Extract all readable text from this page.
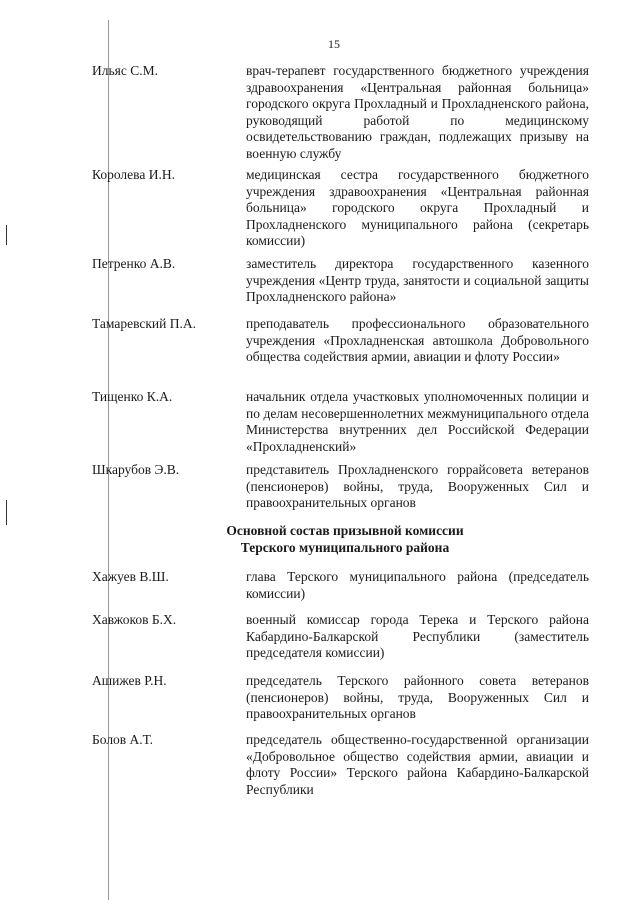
15
Ильяс С.М.	врач-терапевт государственного бюджетного учреждения здравоохранения «Центральная районная больница» городского округа Прохладный и Прохладненского района, руководящий работой по медицинскому освидетельствованию граждан, подлежащих призыву на военную службу
Королева И.Н.	медицинская сестра государственного бюджетного учреждения здравоохранения «Центральная районная больница» городского округа Прохладный и Прохладненского муниципального района (секретарь комиссии)
Петренко А.В.	заместитель директора государственного казенного учреждения «Центр труда, занятости и социальной защиты Прохладненского района»
Тамаревский П.А.	преподаватель профессионального образовательного учреждения «Прохладненская автошкола Добровольного общества содействия армии, авиации и флоту России»
Тищенко К.А.	начальник отдела участковых уполномоченных полиции и по делам несовершеннолетних межмуниципального отдела Министерства внутренних дел Российской Федерации «Прохладненский»
Шкарубов Э.В.	представитель Прохладненского горрайсовета ветеранов (пенсионеров) войны, труда, Вооруженных Сил и правоохранительных органов
Основной состав призывной комиссии
Терского муниципального района
Хажуев В.Ш.	глава Терского муниципального района (председатель комиссии)
Хавжоков Б.Х.	военный комиссар города Терека и Терского района Кабардино-Балкарской Республики (заместитель председателя комиссии)
Ашижев Р.Н.	председатель Терского районного совета ветеранов (пенсионеров) войны, труда, Вооруженных Сил и правоохранительных органов
Болов А.Т.	председатель общественно-государственной организации «Добровольное общество содействия армии, авиации и флоту России» Терского района Кабардино-Балкарской Республики
